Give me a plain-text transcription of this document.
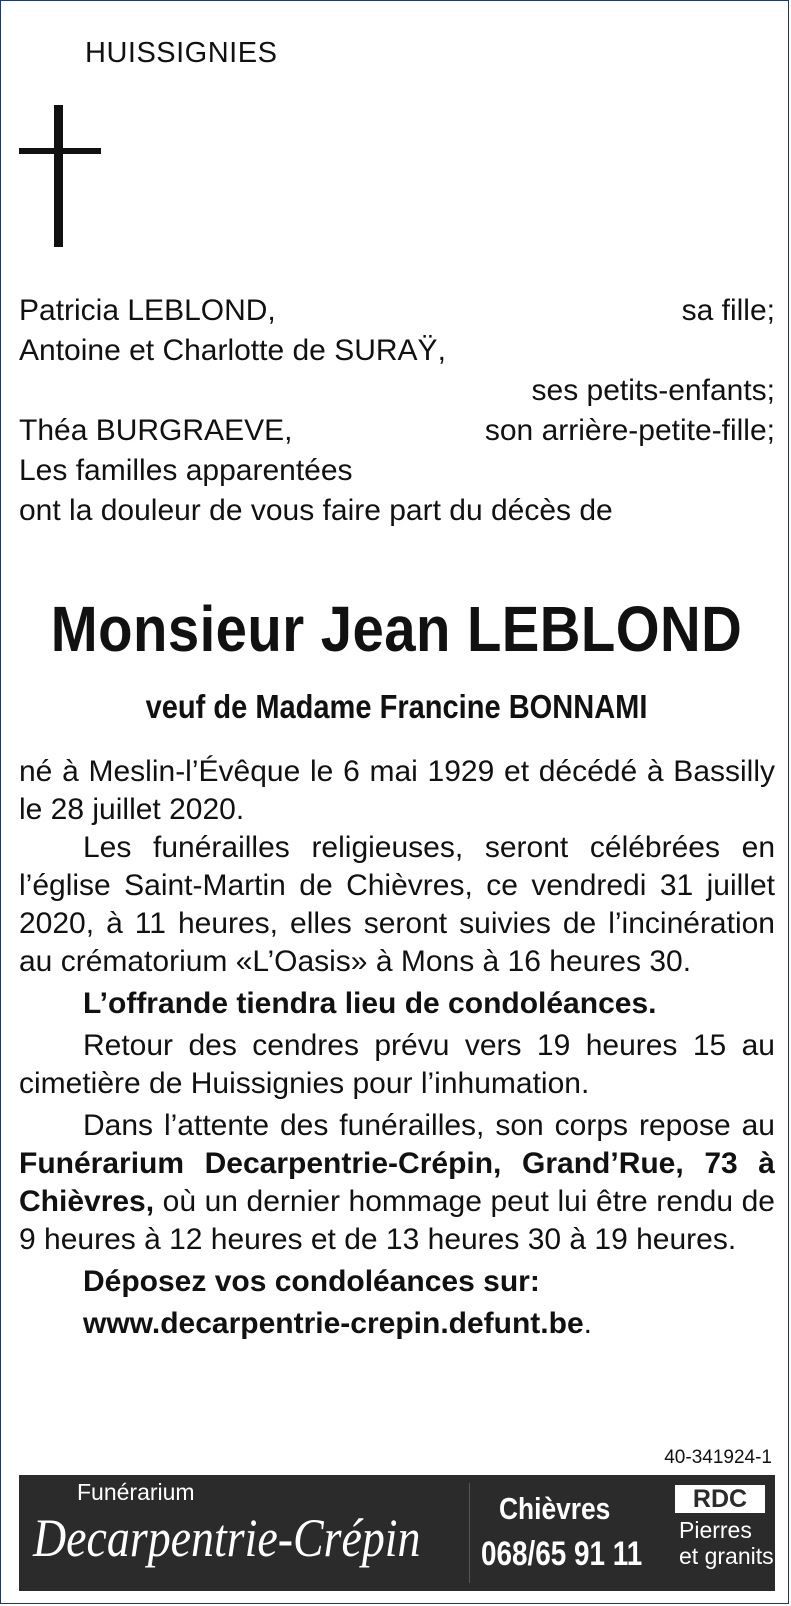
HUISSIGNIES
Patricia LEBLOND,	sa fille;
Antoine et Charlotte de SURAŸ,
ses petits-enfants;
Théa BURGRAEVE,	son arrière-petite-fille;
Les familles apparentées
ont la douleur de vous faire part du décès de
Monsieur Jean LEBLOND
veuf de Madame Francine BONNAMI

né à Meslin-l’Évêque le 6 mai 1929 et décédé à Bassilly le 28 juillet 2020.

Les funérailles religieuses, seront célébrées en l’église Saint-Martin de Chièvres, ce vendredi 31 juillet 2020, à 11 heures, elles seront suivies de l’incinération au crématorium «L’Oasis» à Mons à 16 heures 30.

L’offrande tiendra lieu de condoléances.

Retour des cendres prévu vers 19 heures 15 au cimetière de Huissignies pour l’inhumation.

Dans l’attente des funérailles, son corps repose au Funérarium Decarpentrie-Crépin, Grand’Rue, 73 à Chièvres, où un dernier hommage peut lui être rendu de 9 heures à 12 heures et de 13 heures 30 à 19 heures.

Déposez vos condoléances sur:

www.decarpentrie-crepin.defunt.be.

40-341924-1
Funérarium
Decarpentrie-Crépin	Chièvres
068/65 91 11
RDC
Pierres
et granits
